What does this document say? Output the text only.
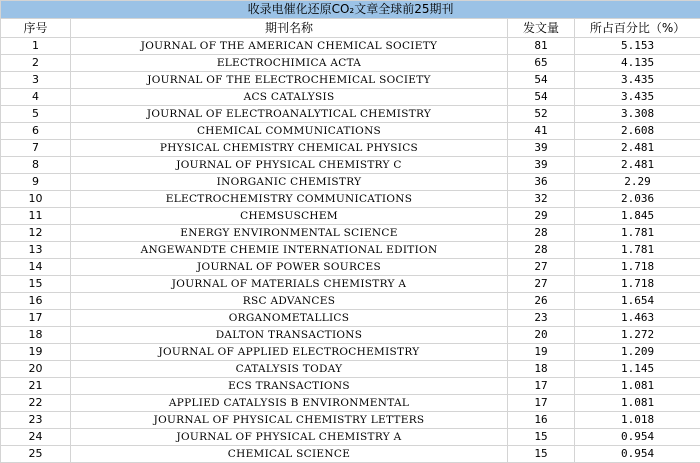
收录电催化还原CO₂文章全球前25期刊			
序号	期刊名称	发文量	所占百分比（%）
1	JOURNAL OF THE AMERICAN CHEMICAL SOCIETY	81	5.153
2	ELECTROCHIMICA ACTA	65	4.135
3	JOURNAL OF THE ELECTROCHEMICAL SOCIETY	54	3.435
4	ACS CATALYSIS	54	3.435
5	JOURNAL OF ELECTROANALYTICAL CHEMISTRY	52	3.308
6	CHEMICAL COMMUNICATIONS	41	2.608
7	PHYSICAL CHEMISTRY CHEMICAL PHYSICS	39	2.481
8	JOURNAL OF PHYSICAL CHEMISTRY C	39	2.481
9	INORGANIC CHEMISTRY	36	2.29
10	ELECTROCHEMISTRY COMMUNICATIONS	32	2.036
11	CHEMSUSCHEM	29	1.845
12	ENERGY ENVIRONMENTAL SCIENCE	28	1.781
13	ANGEWANDTE CHEMIE INTERNATIONAL EDITION	28	1.781
14	JOURNAL OF POWER SOURCES	27	1.718
15	JOURNAL OF MATERIALS CHEMISTRY A	27	1.718
16	RSC ADVANCES	26	1.654
17	ORGANOMETALLICS	23	1.463
18	DALTON TRANSACTIONS	20	1.272
19	JOURNAL OF APPLIED ELECTROCHEMISTRY	19	1.209
20	CATALYSIS TODAY	18	1.145
21	ECS TRANSACTIONS	17	1.081
22	APPLIED CATALYSIS B ENVIRONMENTAL	17	1.081
23	JOURNAL OF PHYSICAL CHEMISTRY LETTERS	16	1.018
24	JOURNAL OF PHYSICAL CHEMISTRY A	15	0.954
25	CHEMICAL SCIENCE	15	0.954
